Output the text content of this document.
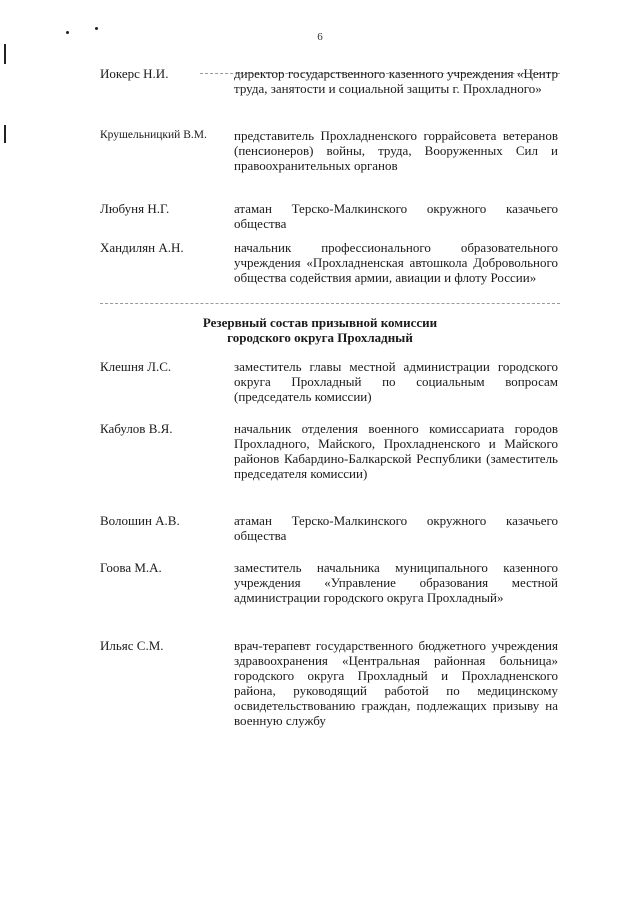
6
Иокерс Н.И.	директор государственного казенного учреждения «Центр труда, занятости и социальной защиты г. Прохладного»
Крушельницкий В.М.	представитель Прохладненского горрайсовета ветеранов (пенсионеров) войны, труда, Вооруженных Сил и правоохранительных органов
Любуня Н.Г.	атаман Терско-Малкинского окружного казачьего общества
Хандилян А.Н.	начальник профессионального образовательного учреждения «Прохладненская автошкола Добровольного общества содействия армии, авиации и флоту России»
Резервный состав призывной комиссии
городского округа Прохладный
Клешня Л.С.	заместитель главы местной администрации городского округа Прохладный по социальным вопросам (председатель комиссии)
Кабулов В.Я.	начальник отделения военного комиссариата городов Прохладного, Майского, Прохладненского и Майского районов Кабардино-Балкарской Республики (заместитель председателя комиссии)
Волошин А.В.	атаман Терско-Малкинского окружного казачьего общества
Гоова М.А.	заместитель начальника муниципального казенного учреждения «Управление образования местной администрации городского округа Прохладный»
Ильяс С.М.	врач-терапевт государственного бюджетного учреждения здравоохранения «Центральная районная больница» городского округа Прохладный и Прохладненского района, руководящий работой по медицинскому освидетельствованию граждан, подлежащих призыву на военную службу
